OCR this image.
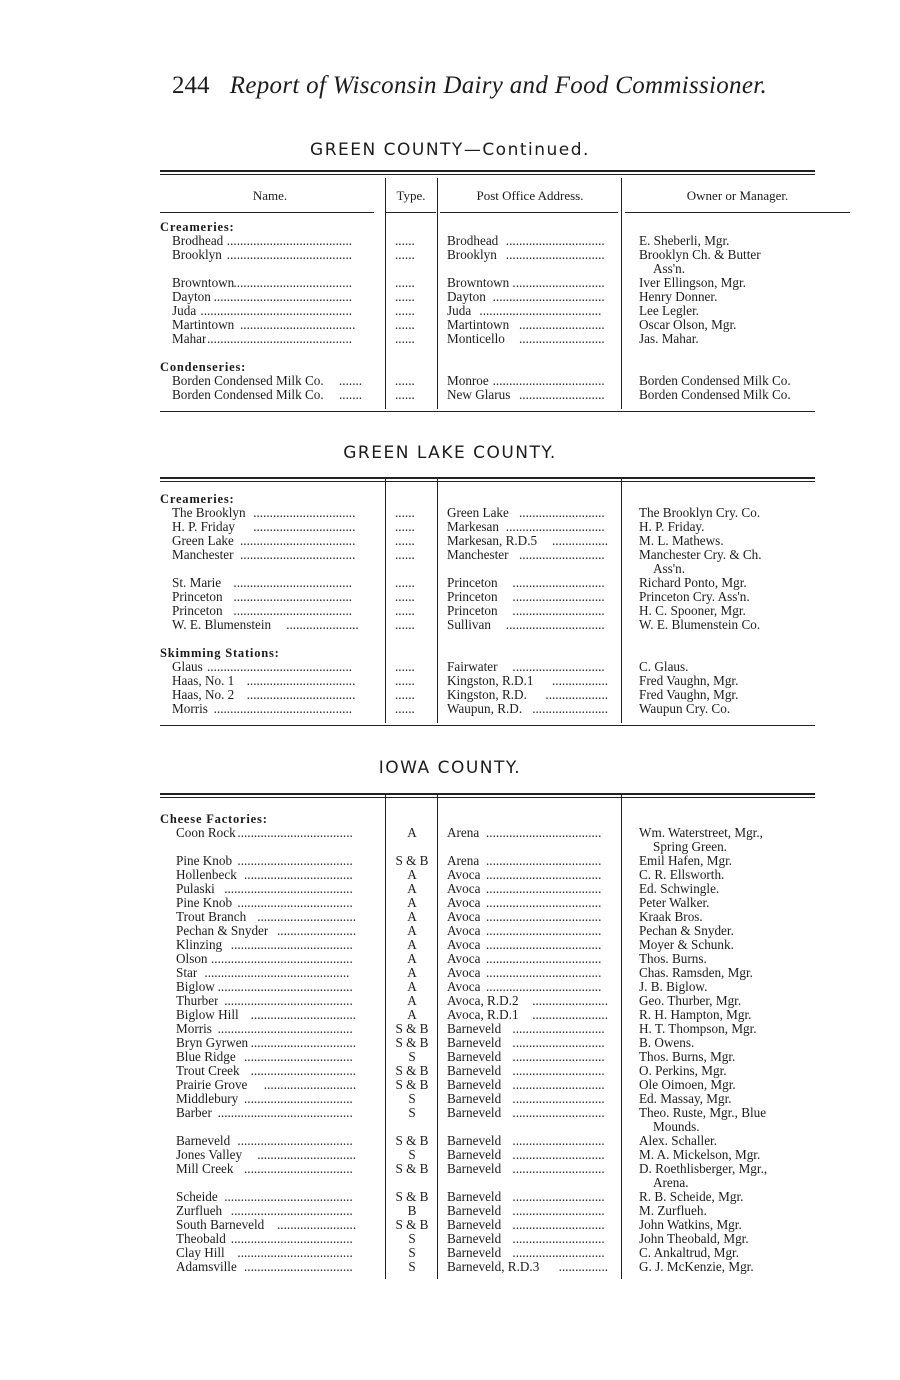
244 Report of Wisconsin Dairy and Food Commissioner.
GREEN COUNTY—Continued.
Name.	Type.	Post Office Address.	Owner or Manager.
Creameries:
Brodhead ......................................	...... Brodhead ..............................	E. Sheberli, Mgr.
Brooklyn ......................................	...... Brooklyn ..............................	Brooklyn Ch. & Butter
Ass'n.
Browntown ....................................	...... Browntown ............................	Iver Ellingson, Mgr.
Dayton ..........................................	...... Dayton ..................................	Henry Donner.
Juda ..............................................	...... Juda .....................................	Lee Legler.
Martintown ...................................	...... Martintown ..........................	Oscar Olson, Mgr.
Mahar ............................................	...... Monticello ..........................	Jas. Mahar.
Condenseries:
Borden Condensed Milk Co. ....... ...... Monroe ..................................	Borden Condensed Milk Co.
Borden Condensed Milk Co. ....... ...... New Glarus ..........................	Borden Condensed Milk Co.
GREEN LAKE COUNTY.
Creameries:
The Brooklyn ...............................	...... Green Lake ..........................	The Brooklyn Cry. Co.
H. P. Friday ...............................	...... Markesan ..............................	H. P. Friday.
Green Lake ...................................	...... Markesan, R.D.5 ................. M. L. Mathews.
Manchester ...................................	...... Manchester ..........................	Manchester Cry. & Ch.
Ass'n.
St. Marie ....................................	...... Princeton ............................	Richard Ponto, Mgr.
Princeton ....................................	...... Princeton ............................	Princeton Cry. Ass'n.
Princeton ....................................	...... Princeton ............................	H. C. Spooner, Mgr.
W. E. Blumenstein ......................	...... Sullivan ..............................	W. E. Blumenstein Co.
Skimming Stations:
Glaus ............................................	...... Fairwater ............................	C. Glaus.
Haas, No. 1 .................................	...... Kingston, R.D.1 ................. Fred Vaughn, Mgr.
Haas, No. 2 .................................	...... Kingston, R.D. ................... Fred Vaughn, Mgr.
Morris ..........................................	...... Waupun, R.D. ....................... Waupun Cry. Co.
IOWA COUNTY.
Cheese Factories:
Coon Rock ...................................	A	Arena ...................................	Wm. Waterstreet, Mgr.,
Spring Green.
Pine Knob ...................................	S & B	Arena ...................................	Emil Hafen, Mgr.
Hollenbeck .................................	A	Avoca ...................................	C. R. Ellsworth.
Pulaski .......................................	A	Avoca ...................................	Ed. Schwingle.
Pine Knob ...................................	A	Avoca ...................................	Peter Walker.
Trout Branch ..............................	A	Avoca ...................................	Kraak Bros.
Pechan & Snyder ........................	A	Avoca ...................................	Pechan & Snyder.
Klinzing .....................................	A	Avoca ...................................	Moyer & Schunk.
Olson ...........................................	A	Avoca ...................................	Thos. Burns.
Star ............................................	A	Avoca ...................................	Chas. Ramsden, Mgr.
Biglow .........................................	A	Avoca ...................................	J. B. Biglow.
Thurber .......................................	A	Avoca, R.D.2 ....................... Geo. Thurber, Mgr.
Biglow Hill ................................	A	Avoca, R.D.1 ....................... R. H. Hampton, Mgr.
Morris .........................................	S & B	Barneveld ............................	H. T. Thompson, Mgr.
Bryn Gyrwen ................................	S & B	Barneveld ............................	B. Owens.
Blue Ridge .................................	S	Barneveld ............................	Thos. Burns, Mgr.
Trout Creek ................................	S & B	Barneveld ............................	O. Perkins, Mgr.
Prairie Grove ............................	S & B	Barneveld ............................	Ole Oimoen, Mgr.
Middlebury .................................	S	Barneveld ............................	Ed. Massay, Mgr.
Barber .........................................	S	Barneveld ............................	Theo. Ruste, Mgr., Blue
Mounds.
Barneveld ...................................	S & B	Barneveld ............................	Alex. Schaller.
Jones Valley ..............................	S	Barneveld ............................	M. A. Mickelson, Mgr.
Mill Creek .................................	S & B	Barneveld ............................	D. Roethlisberger, Mgr.,
Arena.
Scheide .......................................	S & B	Barneveld ............................	R. B. Scheide, Mgr.
Zurflueh .....................................	B	Barneveld ............................	M. Zurflueh.
South Barneveld ........................	S & B	Barneveld ............................	John Watkins, Mgr.
Theobald .....................................	S	Barneveld ............................	John Theobald, Mgr.
Clay Hill ...................................	S	Barneveld ............................	C. Ankaltrud, Mgr.
Adamsville .................................	S	Barneveld, R.D.3 ............... G. J. McKenzie, Mgr.
